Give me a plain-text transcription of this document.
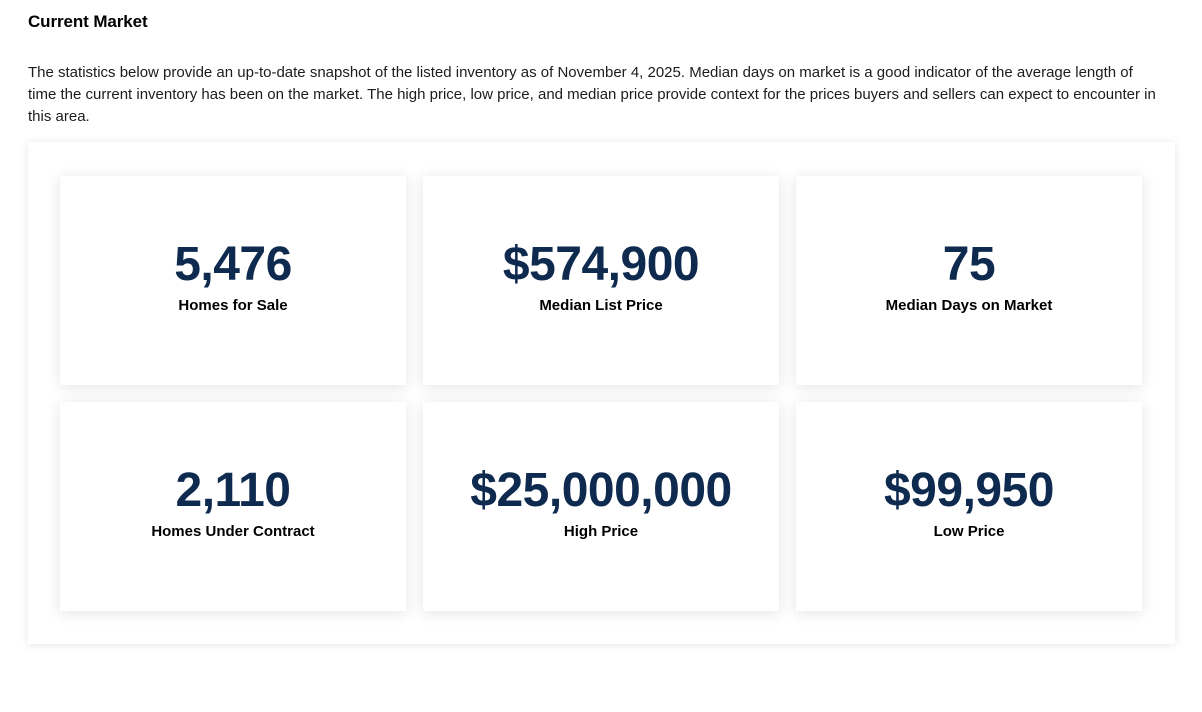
Current Market

The statistics below provide an up-to-date snapshot of the listed inventory as of November 4, 2025. Median days on market is a good indicator of the average length of time the current inventory has been on the market. The high price, low price, and median price provide context for the prices buyers and sellers can expect to encounter in this area.

5,476
Homes for Sale
$574,900
Median List Price
75
Median Days on Market
2,110
Homes Under Contract
$25,000,000
High Price
$99,950
Low Price
